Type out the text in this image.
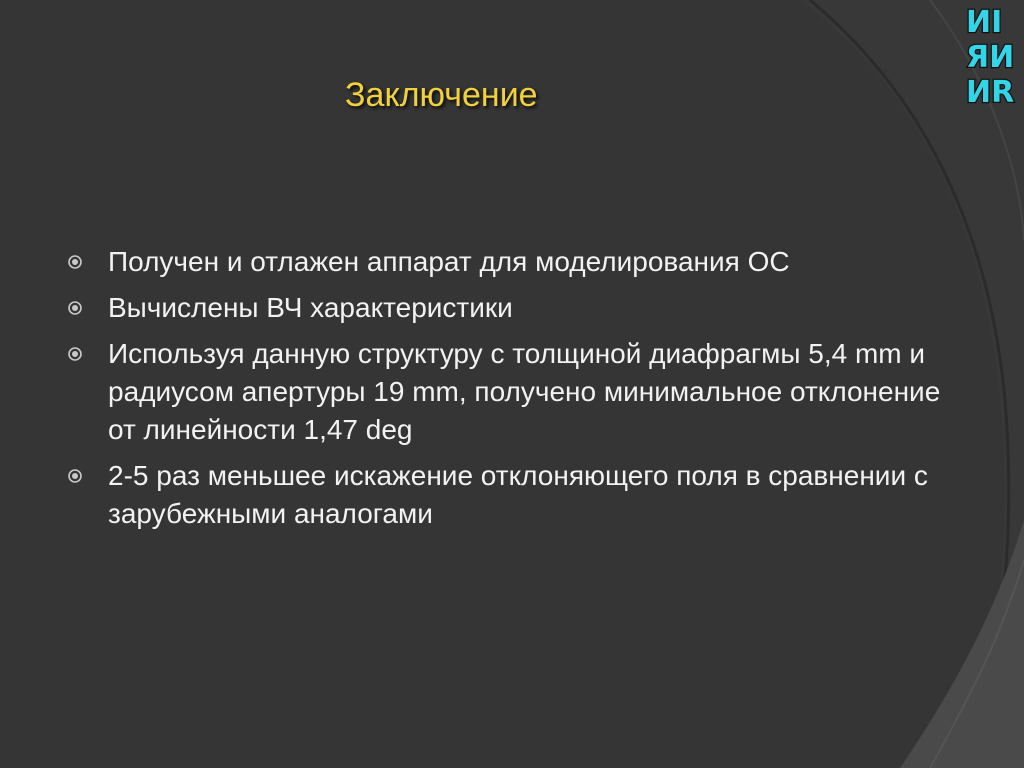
Заключение
Получен и отлажен аппарат для моделирования ОС
Вычислены ВЧ характеристики
Используя данную структуру с толщиной диафрагмы 5,4 mm и радиусом апертуры 19 mm, получено минимальное отклонение от линейности 1,47 deg
2-5 раз меньшее искажение отклоняющего поля в сравнении с зарубежными аналогами
ИI
ЯИ
ИR
